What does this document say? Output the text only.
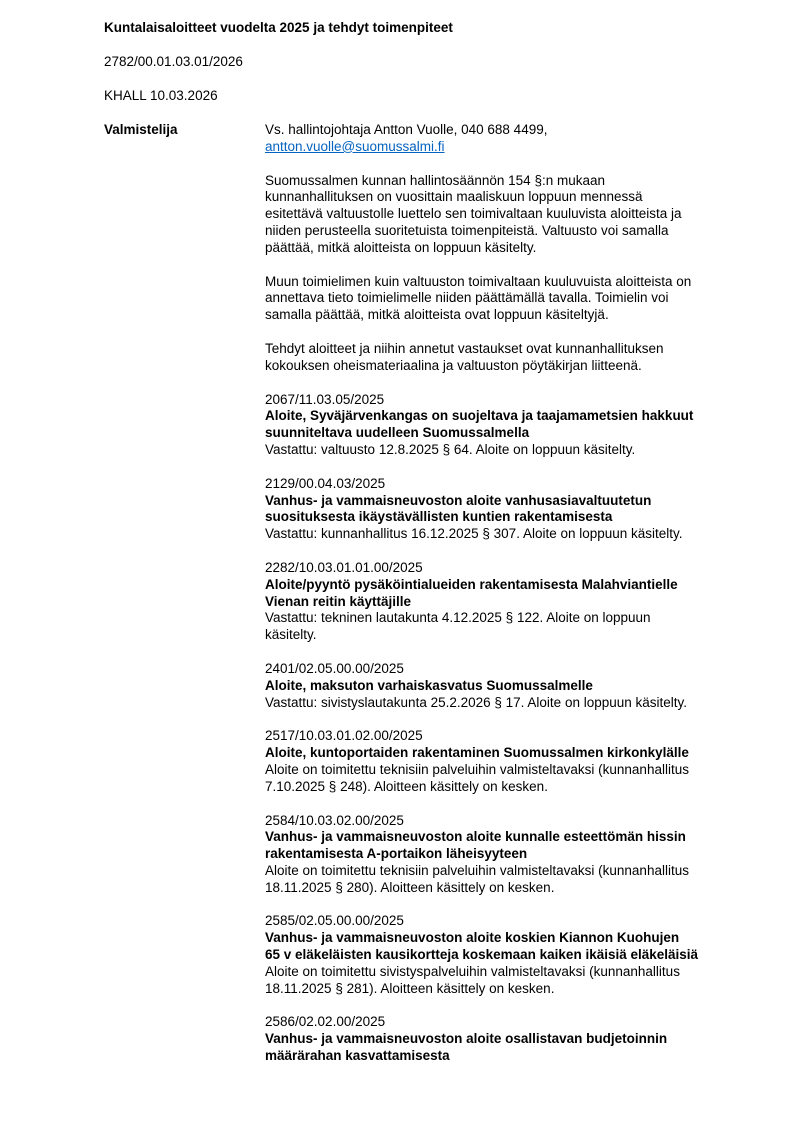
Kuntalaisaloitteet vuodelta 2025 ja tehdyt toimenpiteet
2782/00.01.03.01/2026
KHALL 10.03.2026
Valmistelija	Vs. hallintojohtaja Antton Vuolle, 040 688 4499,
antton.vuolle@suomussalmi.fi
Suomussalmen kunnan hallintosäännön 154 §:n mukaan
kunnanhallituksen on vuosittain maaliskuun loppuun mennessä
esitettävä valtuustolle luettelo sen toimivaltaan kuuluvista aloitteista ja
niiden perusteella suoritetuista toimenpiteistä. Valtuusto voi samalla
päättää, mitkä aloitteista on loppuun käsitelty.
Muun toimielimen kuin valtuuston toimivaltaan kuuluvuista aloitteista on
annettava tieto toimielimelle niiden päättämällä tavalla. Toimielin voi
samalla päättää, mitkä aloitteista ovat loppuun käsiteltyjä.
Tehdyt aloitteet ja niihin annetut vastaukset ovat kunnanhallituksen
kokouksen oheismateriaalina ja valtuuston pöytäkirjan liitteenä.
2067/11.03.05/2025
Aloite, Syväjärvenkangas on suojeltava ja taajamametsien hakkuut
suunniteltava uudelleen Suomussalmella
Vastattu: valtuusto 12.8.2025 § 64. Aloite on loppuun käsitelty.
2129/00.04.03/2025
Vanhus- ja vammaisneuvoston aloite vanhusasiavaltuutetun
suosituksesta ikäystävällisten kuntien rakentamisesta
Vastattu: kunnanhallitus 16.12.2025 § 307. Aloite on loppuun käsitelty.
2282/10.03.01.01.00/2025
Aloite/pyyntö pysäköintialueiden rakentamisesta Malahviantielle
Vienan reitin käyttäjille
Vastattu: tekninen lautakunta 4.12.2025 § 122. Aloite on loppuun
käsitelty.
2401/02.05.00.00/2025
Aloite, maksuton varhaiskasvatus Suomussalmelle
Vastattu: sivistyslautakunta 25.2.2026 § 17. Aloite on loppuun käsitelty.
2517/10.03.01.02.00/2025
Aloite, kuntoportaiden rakentaminen Suomussalmen kirkonkylälle
Aloite on toimitettu teknisiin palveluihin valmisteltavaksi (kunnanhallitus
7.10.2025 § 248). Aloitteen käsittely on kesken.
2584/10.03.02.00/2025
Vanhus- ja vammaisneuvoston aloite kunnalle esteettömän hissin
rakentamisesta A-portaikon läheisyyteen
Aloite on toimitettu teknisiin palveluihin valmisteltavaksi (kunnanhallitus
18.11.2025 § 280). Aloitteen käsittely on kesken.
2585/02.05.00.00/2025
Vanhus- ja vammaisneuvoston aloite koskien Kiannon Kuohujen
65 v eläkeläisten kausikortteja koskemaan kaiken ikäisiä eläkeläisiä
Aloite on toimitettu sivistyspalveluihin valmisteltavaksi (kunnanhallitus
18.11.2025 § 281). Aloitteen käsittely on kesken.
2586/02.02.00/2025
Vanhus- ja vammaisneuvoston aloite osallistavan budjetoinnin
määrärahan kasvattamisesta
